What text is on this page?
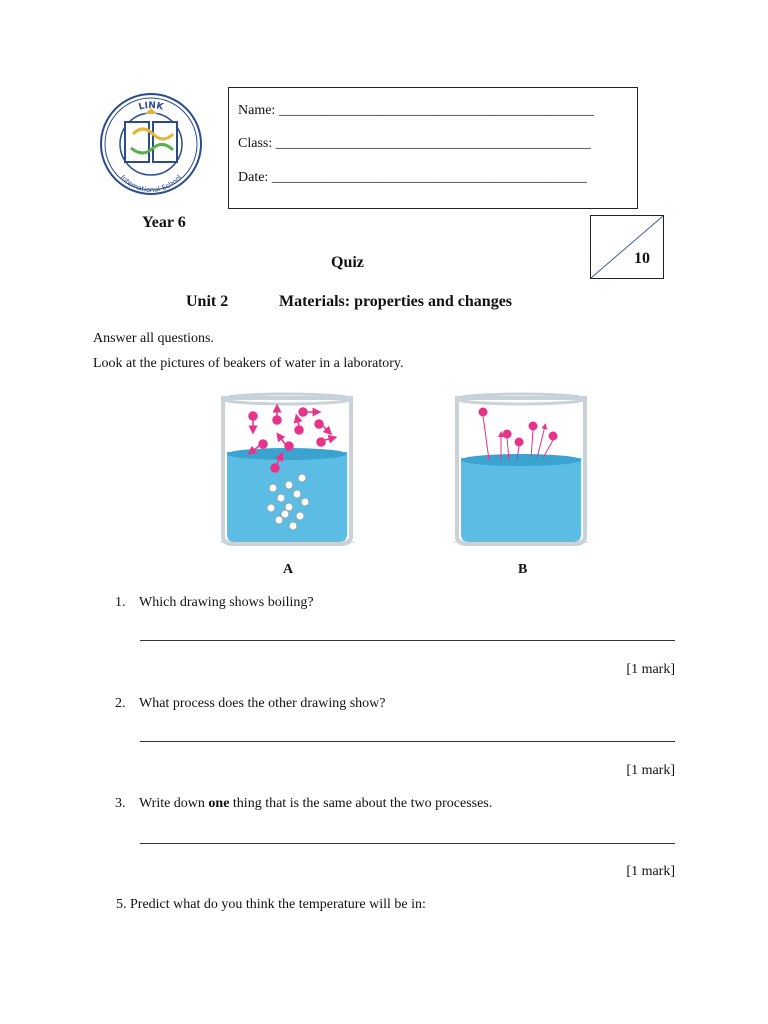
LINK
International School
Name: _____________________________________________
Class: _____________________________________________
Date: _____________________________________________
Year 6
Quiz
Unit 2	Materials: properties and changes
10
Answer all questions.
Look at the pictures of beakers of water in a laboratory.
A	B
1. Which drawing shows boiling?
[1 mark]
2. What process does the other drawing show?
[1 mark]
3. Write down one thing that is the same about the two processes.
[1 mark]
5. Predict what do you think the temperature will be in:
